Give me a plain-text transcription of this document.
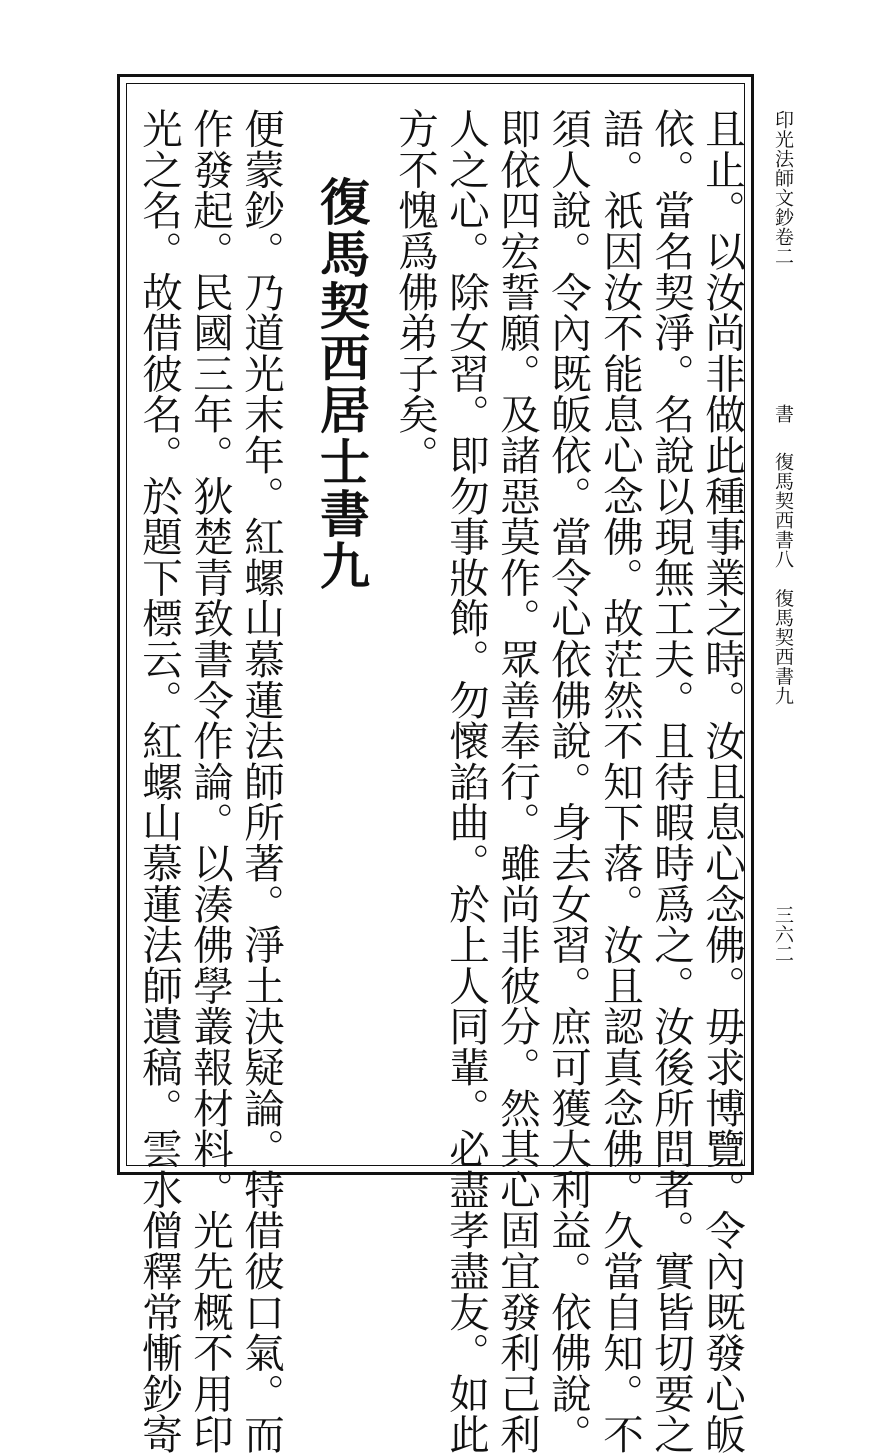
印光法師文鈔卷二
書
復馬契西書八　復馬契西書九
三六二
且止。以汝尚非做此種事業之時。汝且息心念佛。毋求博覽。令內既發心皈
依。當名契淨。名說以現無工夫。且待暇時爲之。汝後所問者。實皆切要之
語。祇因汝不能息心念佛。故茫然不知下落。汝且認真念佛。久當自知。不
須人說。令內既皈依。當令心依佛說。身去女習。庶可獲大利益。依佛說。
即依四宏誓願。及諸惡莫作。眾善奉行。雖尚非彼分。然其心固宜發利己利
人之心。除女習。即勿事妝飾。勿懷諂曲。於上人同輩。必盡孝盡友。如此
方不愧爲佛弟子矣。
復馬契西居士書九
便蒙鈔。乃道光末年。紅螺山慕蓮法師所著。淨土決疑論。特借彼口氣。而
作發起。民國三年。狄楚青致書令作論。以湊佛學叢報材料。光先概不用印
光之名。故借彼名。於題下標云。紅螺山慕蓮法師遺稿。雲水僧釋常慚鈔寄
